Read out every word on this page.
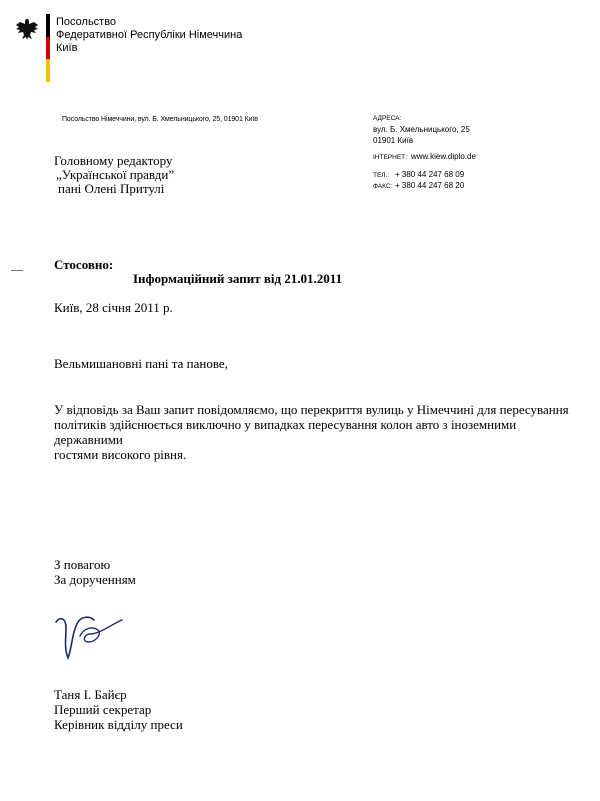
Посольство
Федеративної Республіки Німеччина
Київ
Посольство Німеччини, вул. Б. Хмельницького, 25, 01901 Київ	АДРЕСА:
вул. Б. Хмельницького, 25
01901 Київ
ІНТЕРНЕТ: www.kiew.diplo.de
ТЕЛ.: + 380 44 247 68 09
ФАКС: + 380 44 247 68 20
Головному редактору
„Української правди”
пані Олені Притулі
Стосовно:
Інформаційний запит від 21.01.2011
Київ, 28 січня 2011 р.
Вельмишановні пані та панове,
У відповідь за Ваш запит повідомляємо, що перекриття вулиць у Німеччині для пересування
політиків здійснюється виключно у випадках пересування колон авто з іноземними державними
гостями високого рівня.
З повагою
За дорученням
Таня І. Байєр
Перший секретар
Керівник відділу преси
